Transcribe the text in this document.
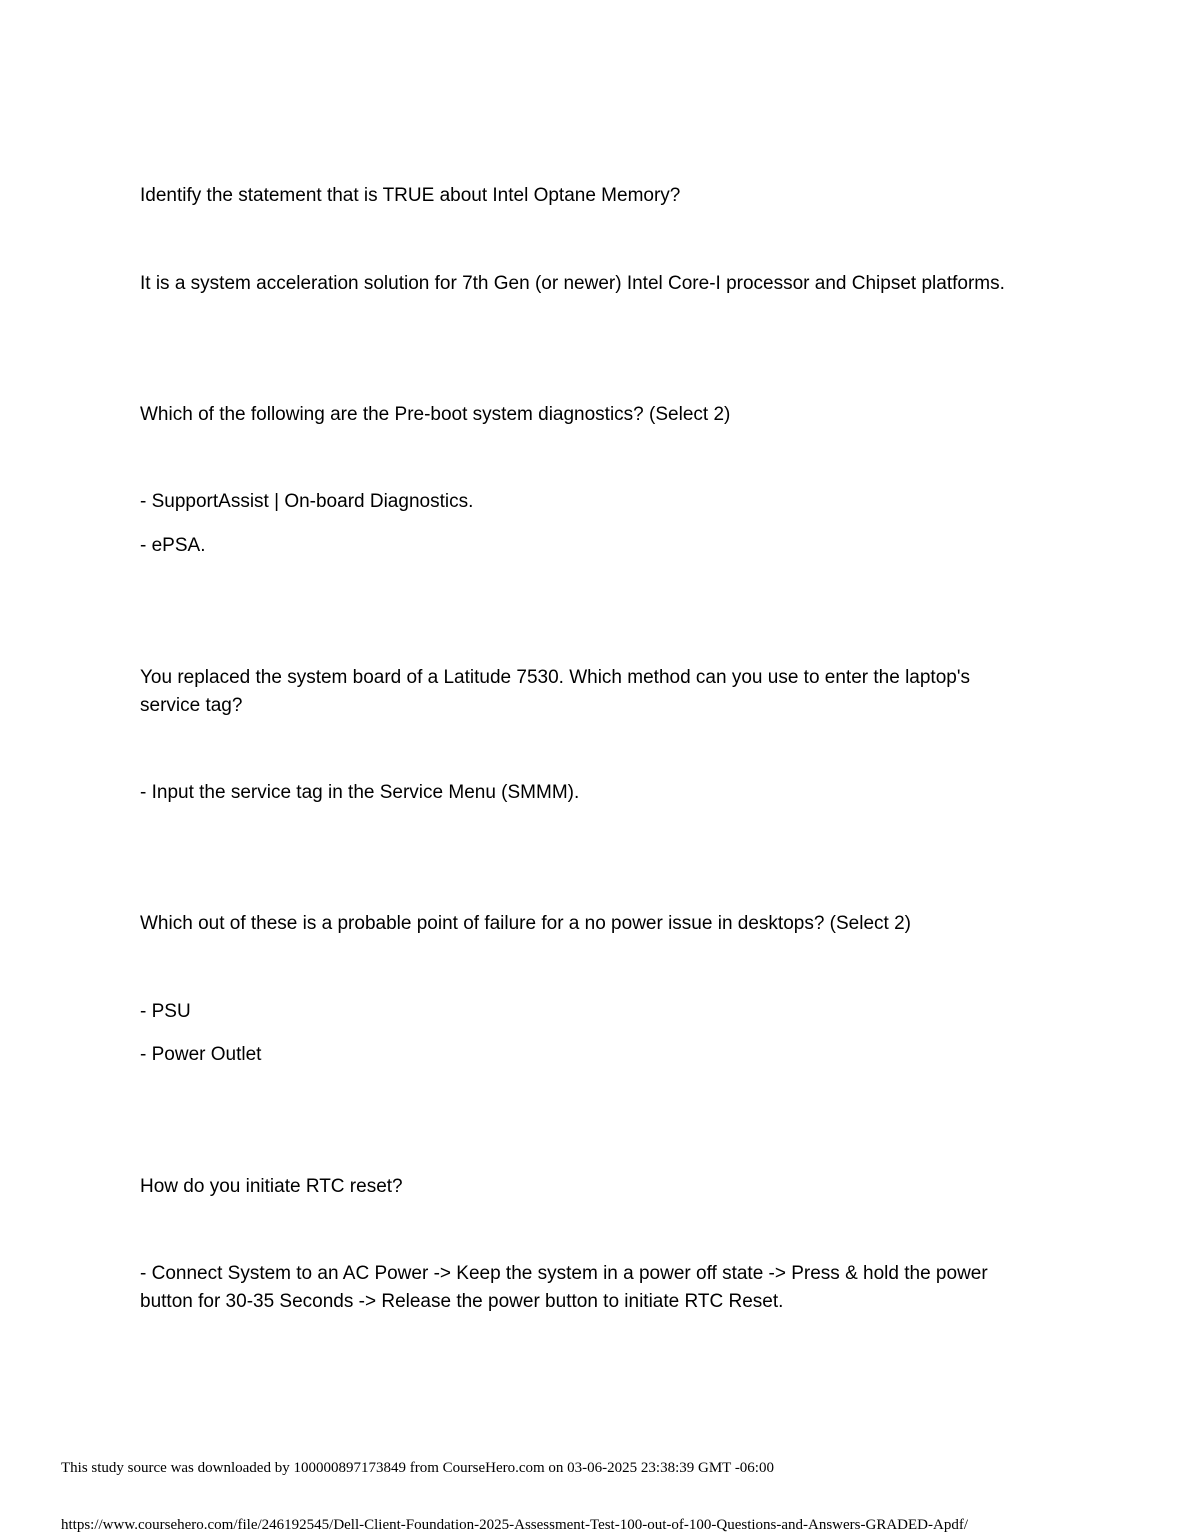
Identify the statement that is TRUE about Intel Optane Memory?
It is a system acceleration solution for 7th Gen (or newer) Intel Core-I processor and Chipset platforms.
Which of the following are the Pre-boot system diagnostics? (Select 2)
- SupportAssist | On-board Diagnostics.
- ePSA.
You replaced the system board of a Latitude 7530. Which method can you use to enter the laptop's service tag?
- Input the service tag in the Service Menu (SMMM).
Which out of these is a probable point of failure for a no power issue in desktops? (Select 2)
- PSU
- Power Outlet
How do you initiate RTC reset?
- Connect System to an AC Power -> Keep the system in a power off state -> Press & hold the power button for 30-35 Seconds -> Release the power button to initiate RTC Reset.
This study source was downloaded by 100000897173849 from CourseHero.com on 03-06-2025 23:38:39 GMT -06:00
https://www.coursehero.com/file/246192545/Dell-Client-Foundation-2025-Assessment-Test-100-out-of-100-Questions-and-Answers-GRADED-Apdf/
